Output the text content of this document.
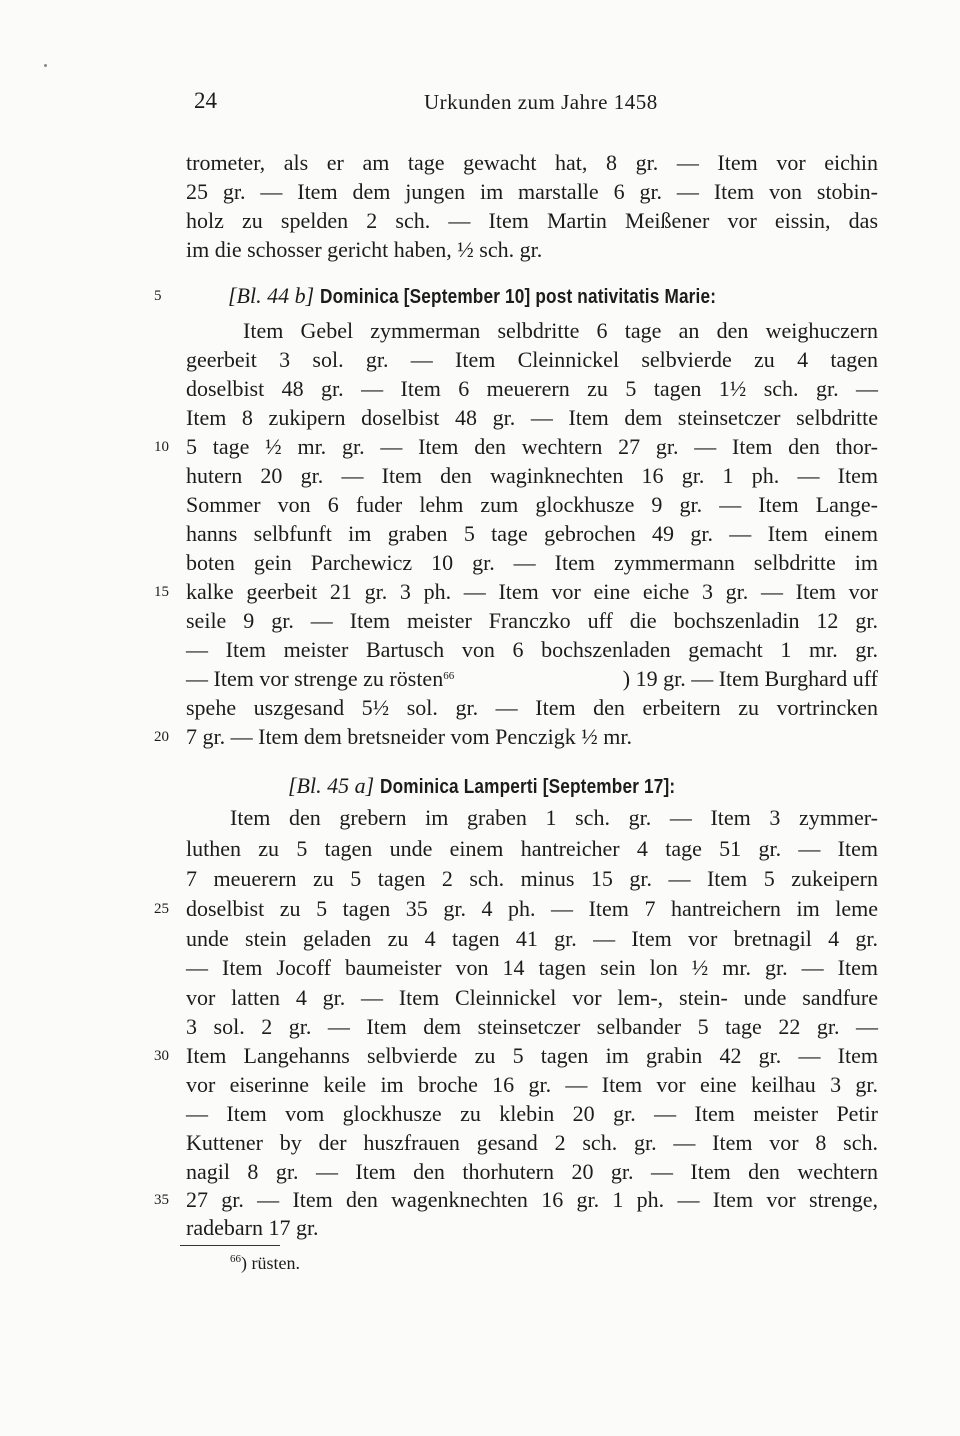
24	Urkunden zum Jahre 1458
trometer, als er am tage gewacht hat, 8 gr. — Item vor eichin
25 gr. — Item dem jungen im marstalle 6 gr. — Item von stobin-
holz zu spelden 2 sch. — Item Martin Meißener vor eissin, das
im die schosser gericht haben, ½ sch. gr.
5	[Bl. 44 b] Dominica [September 10] post nativitatis Marie:
Item Gebel zymmerman selbdritte 6 tage an den weighuczern
geerbeit 3 sol. gr. — Item Cleinnickel selbvierde zu 4 tagen
doselbist 48 gr. — Item 6 meuerern zu 5 tagen 1½ sch. gr. —
Item 8 zukipern doselbist 48 gr. — Item dem steinsetczer selbdritte
10 5 tage ½ mr. gr. — Item den wechtern 27 gr. — Item den thor-
hutern 20 gr. — Item den waginknechten 16 gr. 1 ph. — Item
Sommer von 6 fuder lehm zum glockhusze 9 gr. — Item Lange-
hanns selbfunft im graben 5 tage gebrochen 49 gr. — Item einem
boten gein Parchewicz 10 gr. — Item zymmermann selbdritte im
15 kalke geerbeit 21 gr. 3 ph. — Item vor eine eiche 3 gr. — Item vor
seile 9 gr. — Item meister Franczko uff die bochszenladin 12 gr.
— Item meister Bartusch von 6 bochszenladen gemacht 1 mr. gr.
— Item vor strenge zu rösten$^{66}$	) 19 gr. — Item Burghard uff
spehe uszgesand 5½ sol. gr. — Item den erbeitern zu vortrincken
20 7 gr. — Item dem bretsneider vom Penczigk ½ mr.
[Bl. 45 a] Dominica Lamperti [September 17]:
Item den grebern im graben 1 sch. gr. — Item 3 zymmer-
luthen zu 5 tagen unde einem hantreicher 4 tage 51 gr. — Item
7 meuerern zu 5 tagen 2 sch. minus 15 gr. — Item 5 zukeipern
25 doselbist zu 5 tagen 35 gr. 4 ph. — Item 7 hantreichern im leme
unde stein geladen zu 4 tagen 41 gr. — Item vor bretnagil 4 gr.
— Item Jocoff baumeister von 14 tagen sein lon ½ mr. gr. — Item
vor latten 4 gr. — Item Cleinnickel vor lem-, stein- unde sandfure
3 sol. 2 gr. — Item dem steinsetczer selbander 5 tage 22 gr. —
30 Item Langehanns selbvierde zu 5 tagen im grabin 42 gr. — Item
vor eiserinne keile im broche 16 gr. — Item vor eine keilhau 3 gr.
— Item vom glockhusze zu klebin 20 gr. — Item meister Petir
Kuttener by der huszfrauen gesand 2 sch. gr. — Item vor 8 sch.
nagil 8 gr. — Item den thorhutern 20 gr. — Item den wechtern
35 27 gr. — Item den wagenknechten 16 gr. 1 ph. — Item vor strenge,
radebarn 17 gr.
$^{66}$) rüsten.
